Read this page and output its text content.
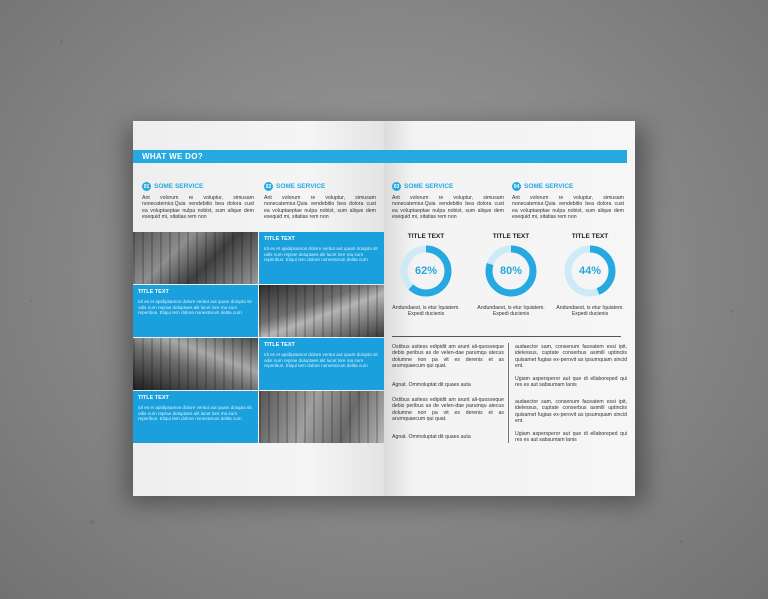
WHAT WE DO?
01 SOME SERVICE
Ant volorum re voluptur, simusam nonecatemiur.Quia vendebitio bea dolora cust ea voluptaeptae nulpa nobist, sum alique dem esequid mi, sitatias rem non
02 SOME SERVICE
Ant volorum re voluptur, simusam nonecatemiur.Quia vendebitio bea dolora cust ea voluptaeptae nulpa nobist, sum alique dem esequid mi, sitatias rem non
TITLE TEXT
Idi es et apidipsamos dolore ventut aut quam dolupta sit odis num reprae doluptaes alit lacet lore ma sum reperibus. Eliqui tem dolore nonestorum delita cum
TITLE TEXT
Idi es et apidipsamos dolore ventut aut quam dolupta sit odis num reprae doluptaes alit lacet lore ma sum reperibus. Eliqui tem dolore nonestorum delita cum
TITLE TEXT
Idi es et apidipsamos dolore ventut aut quam dolupta sit odis num reprae doluptaes alit lacet lore ma sum reperibus. Eliqui tem dolore nonestorum delita cum
TITLE TEXT
Idi es et apidipsamos dolore ventut aut quam dolupta sit odis num reprae doluptaes alit lacet lore ma sum reperibus. Eliqui tem dolore nonestorum delita cum
03 SOME SERVICE
Ant volorum re voluptur, simusam nonecatemiur.Quia vendebitio bea dolora cust ea voluptaeptae nulpa nobist, sum alique dem esequid mi, sitatias rem non
04 SOME SERVICE
Ant volorum re voluptur, simusam nonecatemiur.Quia vendebitio bea dolora cust ea voluptaeptae nulpa nobist, sum alique dem esequid mi, sitatias rem non
TITLE TEXT
62%
Andundaest, is etur Iquiatem. Expedi ducienis
TITLE TEXT
80%
Andundaest, is etur Iquiatem. Expedi ducienis
TITLE TEXT
44%
Andundaest, is etur Iquiatem. Expedi ducienis
Ostibus asitess edipidit am arunt ali-quosseque debis peribus as de velen-dae parumqu atecus dolumne non pa vit es derenis et as arumquaecum qui quat.
Agnat. Ommoluptat dit quaes auta
Ostibus asitess edipidit am arunt ali-quosseque debis peribus as de velen-dae parumqu atecus dolumne non pa vit es derenis et as arumquaecum qui quat.
Agnat. Ommoluptat dit quaes auta
audaector sam, consenum faceatem essi ipit, idelessus, cuptate conserbus asimill uptinciis quisamet fugias ex-perovit as ipsumquam sincid ent.
Ugiam aspersperor aut que di ellaboreped qui res es aut sabsumam lanis
audaector sam, consenum faceatem essi ipit, idelessus, cuptate conserbus asimill uptinciis quisamet fugias ex-perovit as ipsumquam sincid ent.
Ugiam aspersperor aut que di ellaboreped qui res es aut sabsumam lanis
